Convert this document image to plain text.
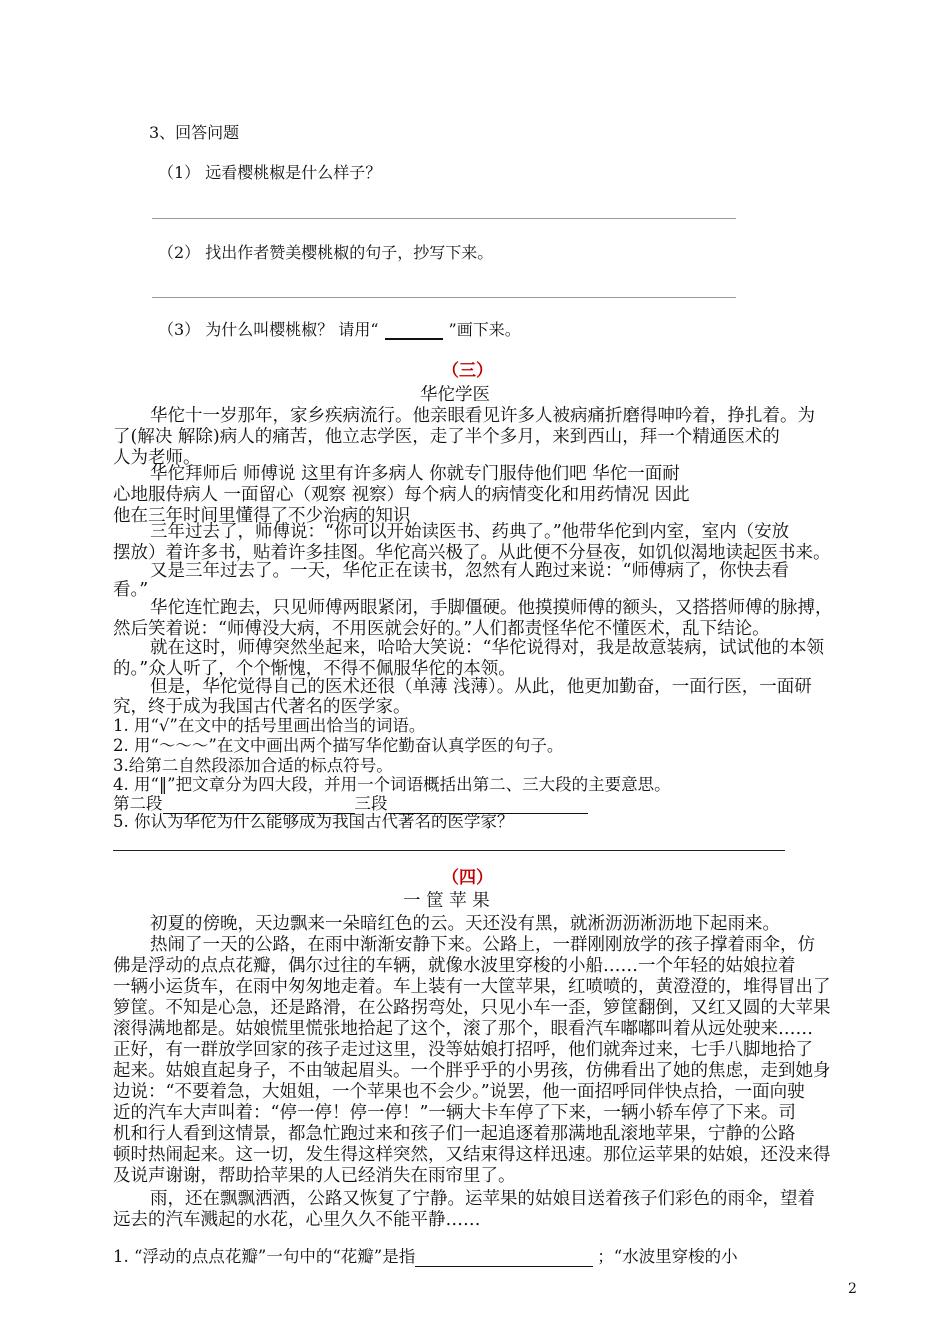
3、回答问题
（1） 远看樱桃椒是什么样子？
（2） 找出作者赞美樱桃椒的句子，抄写下来。
（3） 为什么叫樱桃椒？ 请用“	”画下来。
（三）
华佗学医
华佗十一岁那年，家乡疾病流行。他亲眼看见许多人被病痛折磨得呻吟着，挣扎着。为
了(解决 解除)病人的痛苦，他立志学医，走了半个多月，来到西山，拜一个精通医术的
人为老师。
华佗拜师后 师傅说 这里有许多病人 你就专门服侍他们吧 华佗一面耐
心地服侍病人 一面留心（观察 视察）每个病人的病情变化和用药情况 因此
他在三年时间里懂得了不少治病的知识
三年过去了，师傅说：“你可以开始读医书、药典了。”他带华佗到内室，室内（安放
摆放）着许多书，贴着许多挂图。华佗高兴极了。从此便不分昼夜，如饥似渴地读起医书来。
又是三年过去了。一天，华佗正在读书，忽然有人跑过来说：“师傅病了，你快去看
看。”
华佗连忙跑去，只见师傅两眼紧闭，手脚僵硬。他摸摸师傅的额头，又搭搭师傅的脉搏，
然后笑着说：“师傅没大病，不用医就会好的。”人们都责怪华佗不懂医术，乱下结论。
就在这时，师傅突然坐起来，哈哈大笑说：“华佗说得对，我是故意装病，试试他的本领
的。”众人听了，个个惭愧，不得不佩服华佗的本领。
但是，华佗觉得自己的医术还很（单薄 浅薄）。从此，他更加勤奋，一面行医，一面研
究，终于成为我国古代著名的医学家。
1. 用“√”在文中的括号里画出恰当的词语。
2. 用“～～～”在文中画出两个描写华佗勤奋认真学医的句子。
3.给第二自然段添加合适的标点符号。
4. 用“‖”把文章分为四大段，并用一个词语概括出第二、三大段的主要意思。
第二段	三段
5. 你认为华佗为什么能够成为我国古代著名的医学家？
（四）
一 筐 苹 果
初夏的傍晚，天边飘来一朵暗红色的云。天还没有黑，就淅沥沥淅沥地下起雨来。
热闹了一天的公路，在雨中渐渐安静下来。公路上，一群刚刚放学的孩子撑着雨伞，仿
佛是浮动的点点花瓣，偶尔过往的车辆，就像水波里穿梭的小船……一个年轻的姑娘拉着
一辆小运货车，在雨中匆匆地走着。车上装有一大筐苹果，红喷喷的，黄澄澄的，堆得冒出了
箩筐。不知是心急，还是路滑，在公路拐弯处，只见小车一歪，箩筐翻倒，又红又圆的大苹果
滚得满地都是。姑娘慌里慌张地拾起了这个，滚了那个，眼看汽车嘟嘟叫着从远处驶来……
正好，有一群放学回家的孩子走过这里，没等姑娘打招呼，他们就奔过来，七手八脚地拾了
起来。姑娘直起身子，不由皱起眉头。一个胖乎乎的小男孩，仿佛看出了她的焦虑，走到她身
边说：“不要着急，大姐姐，一个苹果也不会少。”说罢，他一面招呼同伴快点拾，一面向驶
近的汽车大声叫着：“停一停！停一停！”一辆大卡车停了下来，一辆小轿车停了下来。司
机和行人看到这情景，都急忙跑过来和孩子们一起追逐着那满地乱滚地苹果，宁静的公路
顿时热闹起来。这一切，发生得这样突然，又结束得这样迅速。那位运苹果的姑娘，还没来得
及说声谢谢，帮助拾苹果的人已经消失在雨帘里了。
雨，还在飘飘洒洒，公路又恢复了宁静。运苹果的姑娘目送着孩子们彩色的雨伞，望着
远去的汽车溅起的水花，心里久久不能平静……
1. “浮动的点点花瓣”一句中的“花瓣”是指	；“水波里穿梭的小
2
